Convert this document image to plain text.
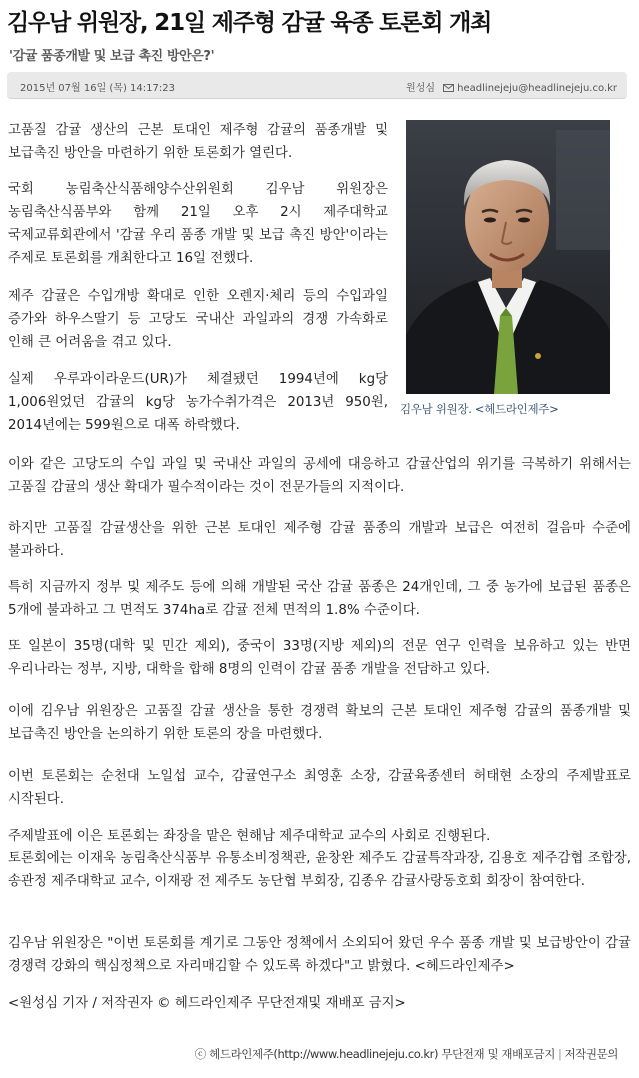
김우남 위원장, 21일 제주형 감귤 육종 토론회 개최

'감귤 품종개발 및 보급 촉진 방안은?'

2015년 07월 16일 (목) 14:17:23	원성심 headlinejeju@headlinejeju.co.kr
김우남 위원장. <헤드라인제주>

고품질 감귤 생산의 근본 토대인 제주형 감귤의 품종개발 및 보급촉진 방안을 마련하기 위한 토론회가 열린다.

국회 농림축산식품해양수산위원회 김우남 위원장은 농림축산식품부와 함께 21일 오후 2시 제주대학교 국제교류회관에서 '감귤 우리 품종 개발 및 보급 촉진 방안'이라는 주제로 토론회를 개최한다고 16일 전했다.

제주 감귤은 수입개방 확대로 인한 오렌지·체리 등의 수입과일 증가와 하우스딸기 등 고당도 국내산 과일과의 경쟁 가속화로 인해 큰 어려움을 겪고 있다.

실제 우루과이라운드(UR)가 체결됐던 1994년에 kg당 1,006원었던 감귤의 kg당 농가수취가격은 2013년 950원, 2014년에는 599원으로 대폭 하락했다.

이와 같은 고당도의 수입 과일 및 국내산 과일의 공세에 대응하고 감귤산업의 위기를 극복하기 위해서는 고품질 감귤의 생산 확대가 필수적이라는 것이 전문가들의 지적이다.

하지만 고품질 감귤생산을 위한 근본 토대인 제주형 감귤 품종의 개발과 보급은 여전히 걸음마 수준에 불과하다.

특히 지금까지 정부 및 제주도 등에 의해 개발된 국산 감귤 품종은 24개인데, 그 중 농가에 보급된 품종은 5개에 불과하고 그 면적도 374ha로 감귤 전체 면적의 1.8% 수준이다.

또 일본이 35명(대학 및 민간 제외), 중국이 33명(지방 제외)의 전문 연구 인력을 보유하고 있는 반면 우리나라는 정부, 지방, 대학을 합해 8명의 인력이 감귤 품종 개발을 전담하고 있다.

이에 김우남 위원장은 고품질 감귤 생산을 통한 경쟁력 확보의 근본 토대인 제주형 감귤의 품종개발 및 보급촉진 방안을 논의하기 위한 토론의 장을 마련했다.

이번 토론회는 순천대 노일섭 교수, 감귤연구소 최영훈 소장, 감귤육종센터 허태현 소장의 주제발표로 시작된다.

주제발표에 이은 토론회는 좌장을 맡은 현해남 제주대학교 교수의 사회로 진행된다.

토론회에는 이재욱 농림축산식품부 유통소비정책관, 윤창완 제주도 감귤특작과장, 김용호 제주감협 조합장, 송관정 제주대학교 교수, 이재광 전 제주도 농단협 부회장, 김종우 감귤사랑동호회 회장이 참여한다.

김우남 위원장은 "이번 토론회를 계기로 그동안 정책에서 소외되어 왔던 우수 품종 개발 및 보급방안이 감귤 경쟁력 강화의 핵심정책으로 자리매김할 수 있도록 하겠다"고 밝혔다. <헤드라인제주>

<원성심 기자 / 저작권자 © 헤드라인제주 무단전재및 재배포 금지>

ⓒ 헤드라인제주(http://www.headlinejeju.co.kr) 무단전재 및 재배포금지 | 저작권문의
